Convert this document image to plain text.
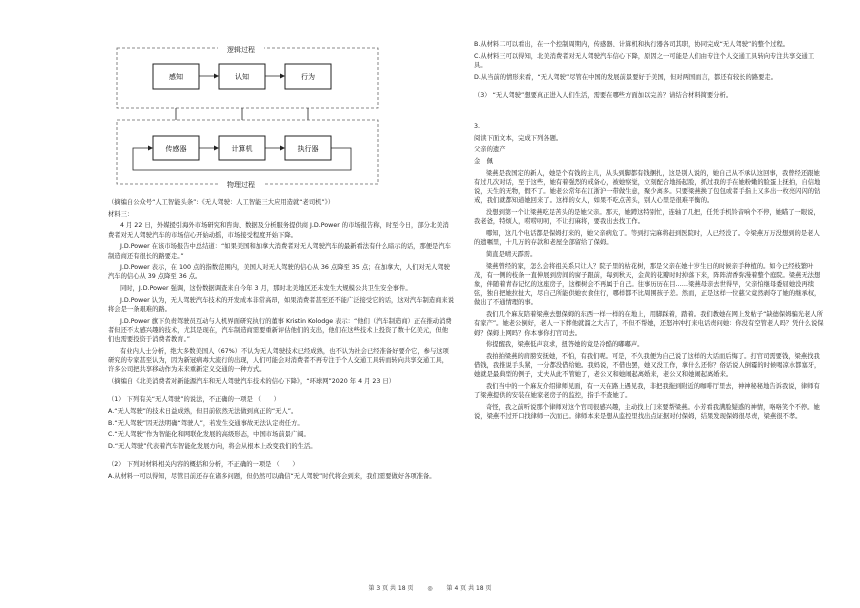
逻辑过程
感知	认知	行为
物理过程
传感器	计算机	执行器

（摘编自公众号“人工智能头条”:《无人驾驶：人工智能三大应用造就“老司机”》）

材料三：

4 月 22 日，外媒援引海外市场研究和咨询、数据及分析服务提供商 J.D.Power 的市场报告称，时至今日，部分北美消费者对无人驾驶汽车的市场信心开始动摇，市场接受程度开始下降。

J.D.Power 在该市场报告中总结道：“如果美国和加拿大消费者对无人驾驶汽车的最新看法有什么暗示的话，那便是汽车制造商还有很长的路要走。”

J.D.Power 表示，在 100 点的指数范围内，美国人对无人驾驶的信心从 36 点降至 35 点；在加拿大，人们对无人驾驶汽车的信心从 39 点降至 36 点。

同时，J.D.Power 强调，这份数据调查来自今年 3 月，那时北美地区还未发生大规模公共卫生安全事件。

J.D.Power 认为，无人驾驶汽车技术的开发成本非常高昂，如果消费者甚至还不能广泛接受它的话，这对汽车制造商来说将会是一条艰难的路。

J.D.Power 旗下负责驾驶员互动与人机界面研究执行的董事 Kristin Kolodge 表示：“他们（汽车制造商）正在推动消费者但还不太感兴趣的技术，尤其是现在，汽车制造商需要重新评估他们的支出，他们在这些技术上投资了数十亿美元，但他们也需要投资于消费者教育。”

有业内人士分析，绝大多数美国人（67%）不认为无人驾驶技术已经成熟，也不认为社会已经准备好要介它，参与这项研究的专家甚至认为，因为新冠病毒大流行的出现，人们可能会对消费者不再专注于个人交通工具转而转向共享交通工具，许多公司把共享移动作为未来重新定义交通的一种方式。

（摘编自《北美消费者对新能源汽车和无人驾驶汽车技术的信心下降》，“环球网”2020 年 4 月 23 日）

（1） 下列有关“无人驾驶”的说法，不正确的一项是 （　　）

A.“无人驾驶”的技术日益成熟，但目前依然无法做到真正的“无人”。

B.“无人驾驶”因无法明确“驾驶人”，若发生交通事故无法认定责任方。

C.“无人驾驶”作为智能化和网联化发展的高级形态，中国市场前景广阔。

D.“无人驾驶”代表着汽车智能化发展方向，将会从根本上改变我们的生活。

（2） 下列对材料相关内容的概括和分析，不正确的一项是 （　　）

A.从材料一可以得知，尽管目前还存在诸多问题，但仍然可以确信“无人驾驶”时代将会到来，我们需要做好各项准备。

B.从材料二可以看出，在一个控制周期内，传感器、计算机和执行器各司其职，协同完成“无人驾驶”的整个过程。

C.从材料三可以得知，北美消费者对无人驾驶汽车信心下降，原因之一可能是人们由专注个人交通工具转向专注共享交通工具。

D.从当前的情形来看，“无人驾驶”尽管在中国的发展前景要好于美国，但对两国而言，都还有较长的路要走。

（3） “无人驾驶”想要真正进入人们生活，需要在哪些方面加以完善？请结合材料简要分析。

3.

阅读下面文本，完成下列各题。

父亲的遗产

金　佩

梁燕是我国定的新人，她是个有钱的主儿，从头到脚都有钱捆扎，这是别人说的，她自己从不承认这回事，我曾经还跟她有过几次对话，至于这些，她有着强烈的戒备心，被她察觉，立刻配合地扬起脸，抓过我的手在她粉嫩的脸蛋上抚拍，自信地说，天生的无物，假不了。她老公常年在江浙沪一带做生意，聚少离多。只要梁燕换了包包或者手指上又多出一枚亮闪闪的钻戒，我们就都知道她回来了。这样的女人，如果不吃点苦头，别人心里是很难平衡的。

没想到第一个让梁燕吃足苦头的是她父亲。那天，她蹲这特别忙，连轴了几把，任凭手机铃音响个不停，她瞄了一眼说，我老爸，特烦人，唠唠叨叨，不让打麻将，要我出去找工作。

哪知，这几个电话都是保姆打来的，她父亲病危了。等到打完麻将赶到医院时，人已经没了。令梁燕万万没想到的是老人的遗嘱里，十几万的存款和老屋全部留给了保姆。

简直是晴天霹雳。

梁燕曾经的家，怎么会将祖关系只让人？院子里的枯花树，那是父亲在她十岁生日的时候亲手种植的。如今已经枝繁叶茂，有一侧的枝条一直伸展到房间的窗子跟前，每到秋天，金黄的花瓣时时掉落下来，阵阵清香弥漫着整个庭院。梁燕无法想象，伴随着青春记忆的这座房子，这棵树会不再属于自己。往事历历在目……梁燕母亲去世得早，父亲怕继母委屈她没再续弦，独自把她拉扯大，尽自己所能供她衣食住行，哪样都不比周围孩子差。然而，正是这样一位慈父竟然剥夺了她的继承权，做出了不通情理的事。

我们几个麻友陪着梁燕去想保姆的东西一样一样的在地上，用脚踩着，踏着。我们教她在网上发帖子“缺德保姆骗光老人所有家产”。她老公倒好，老人一下葬他就溜之大吉了，不但不帮她，还怒冲冲打来电话责问她：你没有空管老人吗？凭什么说保姆？保姆上网吗？你本事你打官司去。

你提醒我，梁燕低声哀求，扭答她的竟是冷酷的嘟嘟声。

我拍拍梁燕的肩膀安抚她，不怕，有我们呢。可是，不久我便为自己说了这样的大话而后悔了。打官司需要钱，梁燕找我借钱，我推说手头紧，一分都没借给她。我妈说，不借也罢，她又没工作，拿什么还你？俗话说人倒霉的时候喝凉水都塞牙，她就是最典型的例子，丈夫从此不管她了，老公又和她闹起离婚来，老公又和她闹起离婚来。

我们当中的一个麻友介绍律师见面，有一天在路上遇见我，非把我拖到附近的咖啡厅里去，神神秘秘地告诉我说，律师有了梁燕提供的安装在她家老房子的监控，指手不查她了。

奇怪，我之前听说那个律师对这个官司很感兴趣，主动找上门来要帮梁燕。小芳看我满脸疑惑的神情，咯咯笑个不停。她说，梁燕不过开口找律师一次而已。律师本来是想从监控里找出点证据对付保姆，结果发现保姆很尽责，梁燕很不孝。

第 3 页 共 18 页 ◎ 第 4 页 共 18 页
